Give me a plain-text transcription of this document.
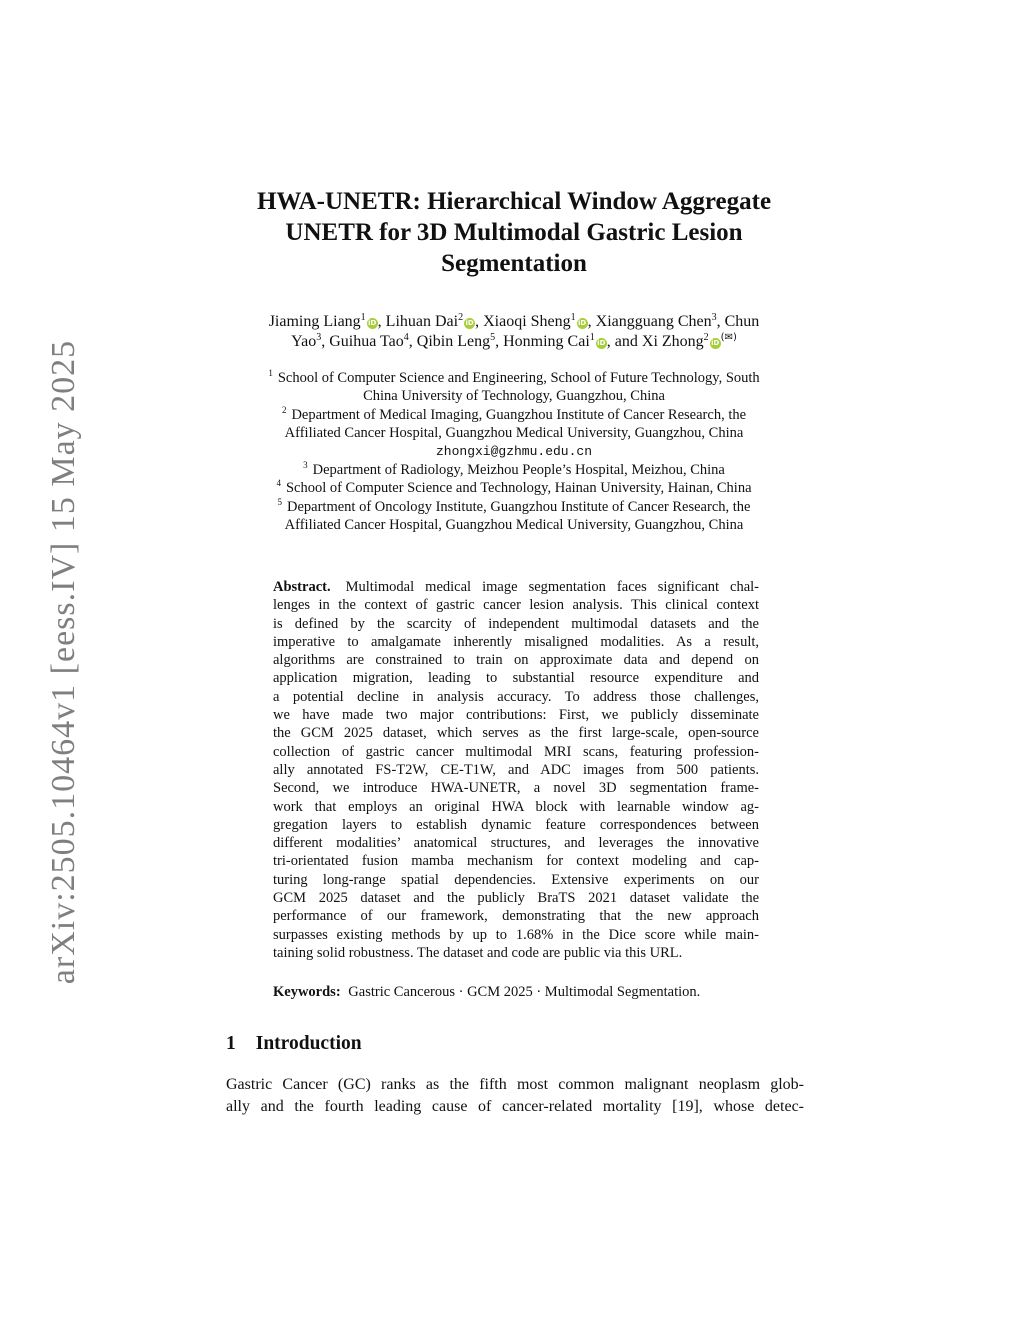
arXiv:2505.10464v1 [eess.IV] 15 May 2025
HWA-UNETR: Hierarchical Window Aggregate
UNETR for 3D Multimodal Gastric Lesion
Segmentation
Jiaming Liang$^1$ iD, Lihuan Dai$^2$ iD, Xiaoqi Sheng$^1$ iD, Xiangguang Chen$^3$, Chun
Yao$^3$, Guihua Tao$^4$, Qibin Leng$^5$, Honming Cai$^1$ iD, and Xi Zhong$^2$ iD(✉)
$^1$ School of Computer Science and Engineering, School of Future Technology, South
China University of Technology, Guangzhou, China
$^2$ Department of Medical Imaging, Guangzhou Institute of Cancer Research, the
Affiliated Cancer Hospital, Guangzhou Medical University, Guangzhou, China
zhongxi@gzhmu.edu.cn
$^3$ Department of Radiology, Meizhou People’s Hospital, Meizhou, China
$^4$ School of Computer Science and Technology, Hainan University, Hainan, China
$^5$ Department of Oncology Institute, Guangzhou Institute of Cancer Research, the
Affiliated Cancer Hospital, Guangzhou Medical University, Guangzhou, China
Abstract. Multimodal medical image segmentation faces significant chal-
lenges in the context of gastric cancer lesion analysis. This clinical context
is defined by the scarcity of independent multimodal datasets and the
imperative to amalgamate inherently misaligned modalities. As a result,
algorithms are constrained to train on approximate data and depend on
application migration, leading to substantial resource expenditure and
a potential decline in analysis accuracy. To address those challenges,
we have made two major contributions: First, we publicly disseminate
the GCM 2025 dataset, which serves as the first large-scale, open-source
collection of gastric cancer multimodal MRI scans, featuring profession-
ally annotated FS-T2W, CE-T1W, and ADC images from 500 patients.
Second, we introduce HWA-UNETR, a novel 3D segmentation frame-
work that employs an original HWA block with learnable window ag-
gregation layers to establish dynamic feature correspondences between
different modalities’ anatomical structures, and leverages the innovative
tri-orientated fusion mamba mechanism for context modeling and cap-
turing long-range spatial dependencies. Extensive experiments on our
GCM 2025 dataset and the publicly BraTS 2021 dataset validate the
performance of our framework, demonstrating that the new approach
surpasses existing methods by up to 1.68% in the Dice score while main-
taining solid robustness. The dataset and code are public via this URL.
Keywords: Gastric Cancerous · GCM 2025 · Multimodal Segmentation.
1 Introduction
Gastric Cancer (GC) ranks as the fifth most common malignant neoplasm glob-
ally and the fourth leading cause of cancer-related mortality [19], whose detec-
